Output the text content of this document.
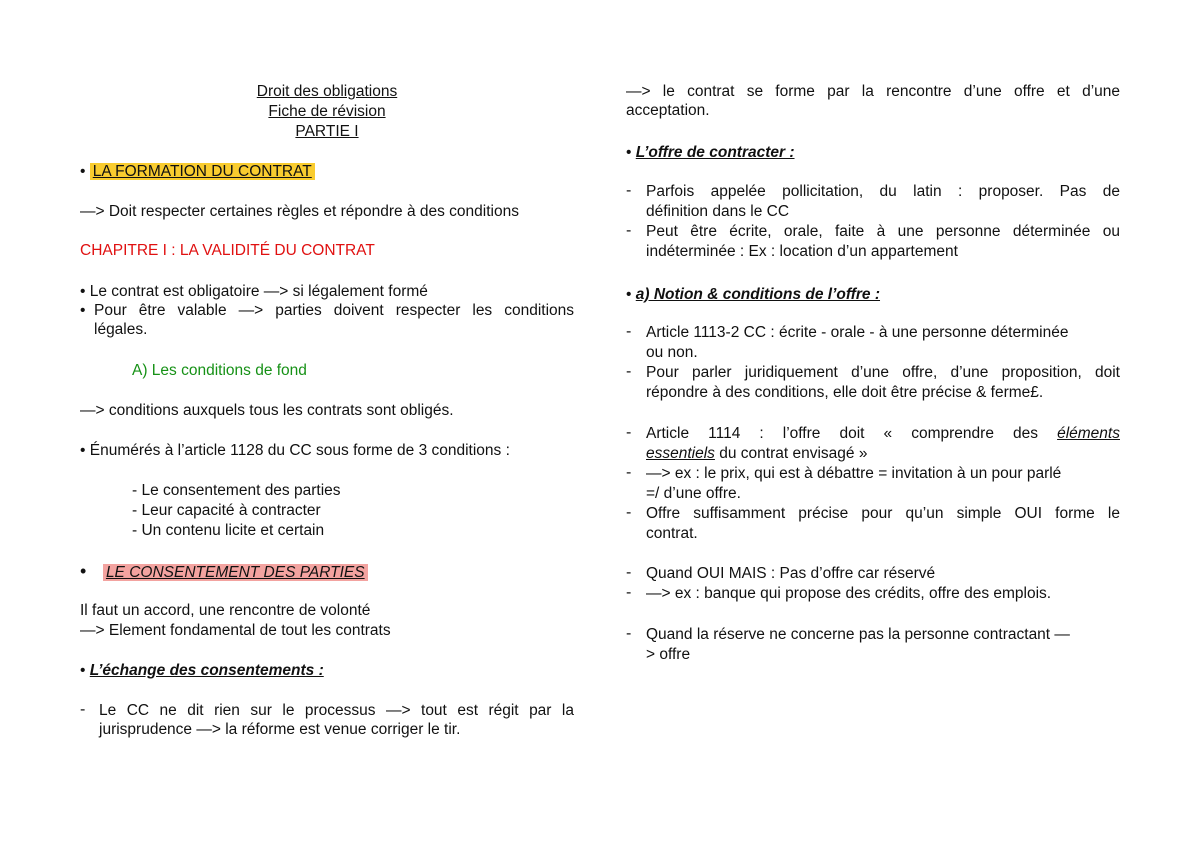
Droit des obligations
Fiche de révision
PARTIE I
• LA FORMATION DU CONTRAT
—> Doit respecter certaines règles et répondre à des conditions
CHAPITRE I : LA VALIDITÉ DU CONTRAT
• Le contrat est obligatoire —> si légalement formé
• Pour être valable —> parties doivent respecter les conditions
légales.
A) Les conditions de fond
—> conditions auxquels tous les contrats sont obligés.
• Énumérés à l’article 1128 du CC sous forme de 3 conditions :
- Le consentement des parties
- Leur capacité à contracter
- Un contenu licite et certain
• LE CONSENTEMENT DES PARTIES
Il faut un accord, une rencontre de volonté
—> Element fondamental de tout les contrats
• L’échange des consentements :
- Le CC ne dit rien sur le processus —> tout est régit par la
jurisprudence —> la réforme est venue corriger le tir.
—> le contrat se forme par la rencontre d’une offre et d’une
acceptation.
• L’offre de contracter :
- Parfois appelée pollicitation, du latin : proposer. Pas de
définition dans le CC
- Peut être écrite, orale, faite à une personne déterminée ou
indéterminée : Ex : location d’un appartement
• a) Notion & conditions de l’offre :
- Article 1113-2 CC : écrite - orale - à une personne déterminée
ou non.
- Pour parler juridiquement d’une offre, d’une proposition, doit
répondre à des conditions, elle doit être précise & ferme£.
- Article 1114 : l’offre doit « comprendre des éléments
essentiels du contrat envisagé »
- —> ex : le prix, qui est à débattre = invitation à un pour parlé
=/ d’une offre.
- Offre suffisamment précise pour qu’un simple OUI forme le
contrat.
- Quand OUI MAIS : Pas d’offre car réservé
- —> ex : banque qui propose des crédits, offre des emplois.
- Quand la réserve ne concerne pas la personne contractant —
> offre
